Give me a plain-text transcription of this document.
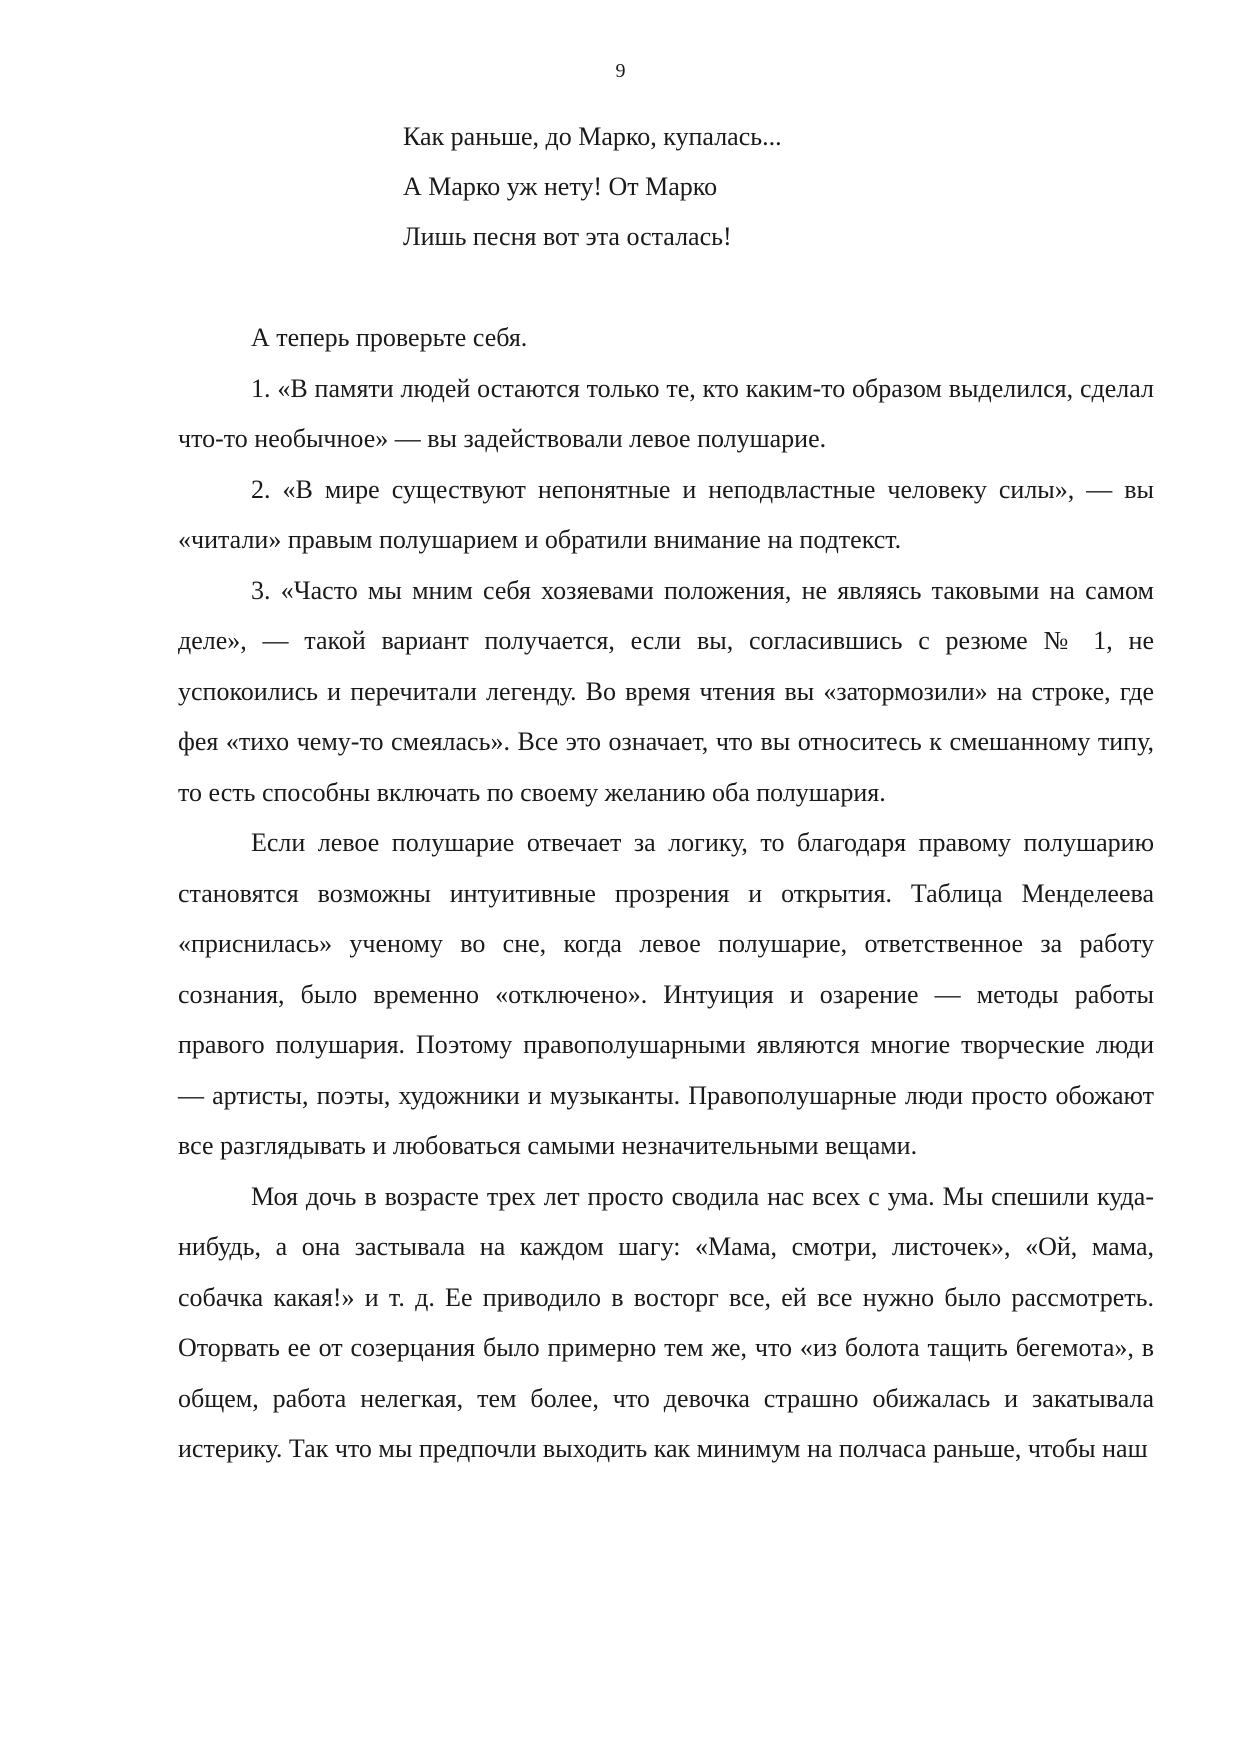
9
Как раньше, до Марко, купалась...
А Марко уж нету! От Марко
Лишь песня вот эта осталась!

А теперь проверьте себя.

1. «В памяти людей остаются только те, кто каким-то образом выделился, сделал что-то необычное» — вы задействовали левое полушарие.

2. «В мире существуют непонятные и неподвластные человеку силы», — вы «читали» правым полушарием и обратили внимание на подтекст.

3. «Часто мы мним себя хозяевами положения, не являясь таковыми на самом деле», — такой вариант получается, если вы, согласившись с резюме № 1, не успокоились и перечитали легенду. Во время чтения вы «затормозили» на строке, где фея «тихо чему-то смеялась». Все это означает, что вы относитесь к смешанному типу, то есть способны включать по своему желанию оба полушария.

Если левое полушарие отвечает за логику, то благодаря правому полушарию становятся возможны интуитивные прозрения и открытия. Таблица Менделеева «приснилась» ученому во сне, когда левое полушарие, ответственное за работу сознания, было временно «отключено». Интуиция и озарение — методы работы правого полушария. Поэтому правополушарными являются многие творческие люди — артисты, поэты, художники и музыканты. Правополушарные люди просто обожают все разглядывать и любоваться самыми незначительными вещами.

Моя дочь в возрасте трех лет просто сводила нас всех с ума. Мы спешили куда-нибудь, а она застывала на каждом шагу: «Мама, смотри, листочек», «Ой, мама, собачка какая!» и т. д. Ее приводило в восторг все, ей все нужно было рассмотреть. Оторвать ее от созерцания было примерно тем же, что «из болота тащить бегемота», в общем, работа нелегкая, тем более, что девочка страшно обижалась и закатывала истерику. Так что мы предпочли выходить как минимум на полчаса раньше, чтобы наш
